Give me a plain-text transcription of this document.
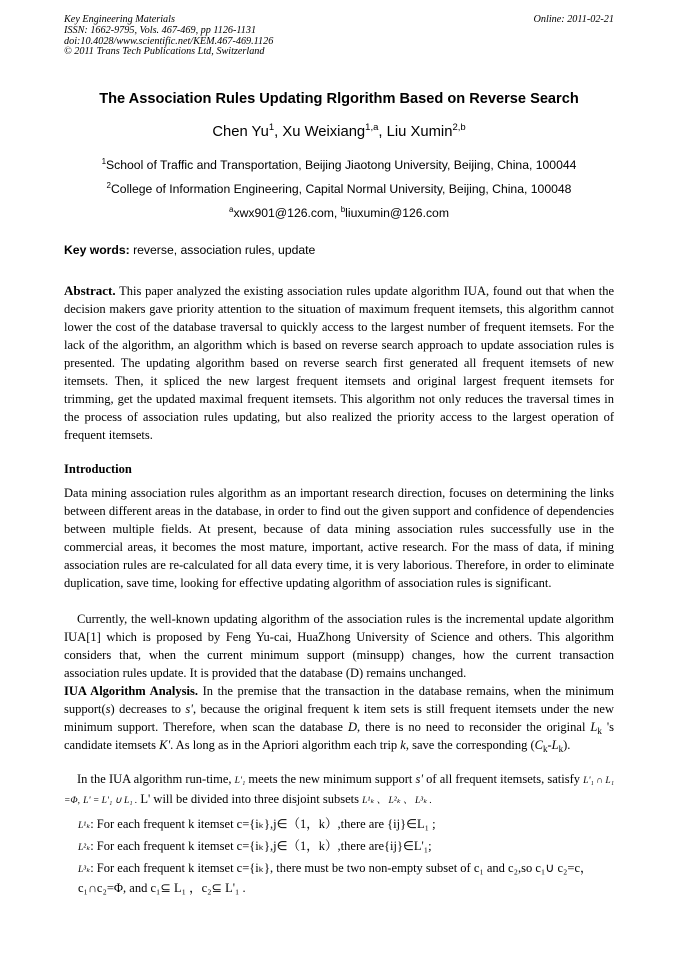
Key Engineering Materials
ISSN: 1662-9795, Vols. 467-469, pp 1126-1131
doi:10.4028/www.scientific.net/KEM.467-469.1126
© 2011 Trans Tech Publications Ltd, Switzerland
Online: 2011-02-21
The Association Rules Updating Rlgorithm Based on Reverse Search
Chen Yu$^1$, Xu Weixiang$^{1,a}$, Liu Xumin$^{2,b}$
$^1$School of Traffic and Transportation, Beijing Jiaotong University, Beijing, China, 100044
$^2$College of Information Engineering, Capital Normal University, Beijing, China, 100048
$^a$xwx901@126.com, $^b$liuxumin@126.com
Key words: reverse, association rules, update
Abstract. This paper analyzed the existing association rules update algorithm IUA, found out that when the decision makers gave priority attention to the situation of maximum frequent itemsets, this algorithm cannot lower the cost of the database traversal to quickly access to the largest number of frequent itemsets. For the lack of the algorithm, an algorithm which is based on reverse search approach to update association rules is presented. The updating algorithm based on reverse search first generated all frequent itemsets of new itemsets. Then, it spliced the new largest frequent itemsets and original largest frequent itemsets for trimming, get the updated maximal frequent itemsets. This algorithm not only reduces the traversal times in the process of association rules updating, but also realized the priority access to the largest operation of frequent itemsets.
Introduction
Data mining association rules algorithm as an important research direction, focuses on determining the links between different areas in the database, in order to find out the given support and confidence of dependencies between multiple fields. At present, because of data mining association rules successfully use in the commercial areas, it becomes the most mature, important, active research. For the mass of data, if mining association rules are re-calculated for all data every time, it is very laborious. Therefore, in order to eliminate duplication, save time, looking for effective updating algorithm of association rules is significant.
Currently, the well-known updating algorithm of the association rules is the incremental update algorithm IUA[1] which is proposed by Feng Yu-cai, HuaZhong University of Science and others. This algorithm considers that, when the current minimum support (minsupp) changes, how the current transaction association rules update. It is provided that the database (D) remains unchanged.
IUA Algorithm Analysis. In the premise that the transaction in the database remains, when the minimum support(s) decreases to s', because the original frequent k item sets is still frequent itemsets under the new minimum support. Therefore, when scan the database D, there is no need to reconsider the original $L_k$ 's candidate itemsets K'. As long as in the Apriori algorithm each trip k, save the corresponding $(C_k-L_k)$.
In the IUA algorithm run-time, L'₁ meets the new minimum support s' of all frequent itemsets, satisfy L'₁ ∩ L₁ =Φ, L' = L'₁ ∪ L₁ . L' will be divided into three disjoint subsets L¹ₖ 、 L²ₖ 、 L³ₖ .
L¹ₖ: For each frequent k itemset c={iₖ},j∈（1，k）,there are {ij}∈L₁ ;
L²ₖ: For each frequent k itemset c={iₖ},j∈（1，k）,there are{ij}∈L'₁;
L³ₖ: For each frequent k itemset c={iₖ}, there must be two non-empty subset of c₁ and c₂,so c₁∪ c₂=c， c₁∩c₂=Φ, and c₁⊆ L₁ ，c₂⊆ L'₁ .
